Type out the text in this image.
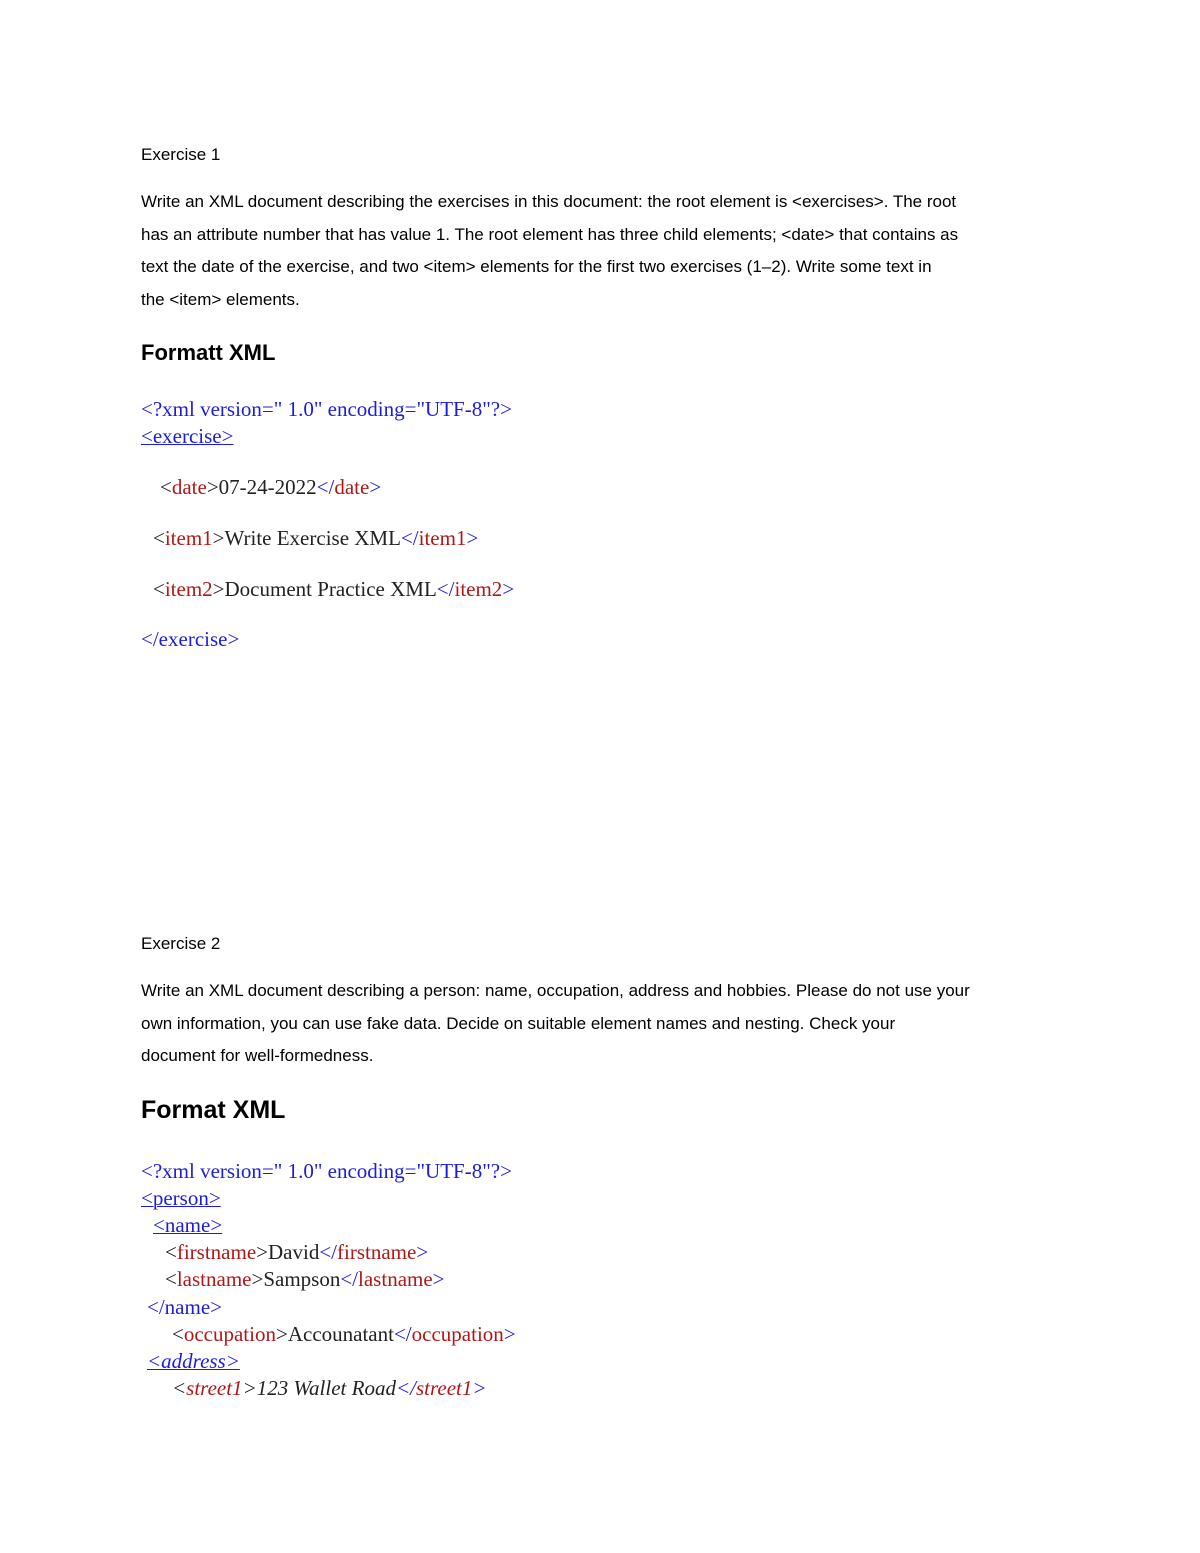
Exercise 1
Write an XML document describing the exercises in this document: the root element is <exercises>. The root
has an attribute number that has value 1. The root element has three child elements; <date> that contains as
text the date of the exercise, and two <item> elements for the first two exercises (1–2). Write some text in
the <item> elements.
Formatt XML
<?xml version=" 1.0" encoding="UTF-8"?>
<exercise>
<date>07-24-2022</date>
<item1>Write Exercise XML</item1>
<item2>Document Practice XML</item2>
</exercise>
Exercise 2
Write an XML document describing a person: name, occupation, address and hobbies. Please do not use your
own information, you can use fake data. Decide on suitable element names and nesting. Check your
document for well-formedness.
Format XML
<?xml version=" 1.0" encoding="UTF-8"?>
<person>
<name>
<firstname>David</firstname>
<lastname>Sampson</lastname>
</name>
<occupation>Accounatant</occupation>
<address>
<street1>123 Wallet Road</street1>
